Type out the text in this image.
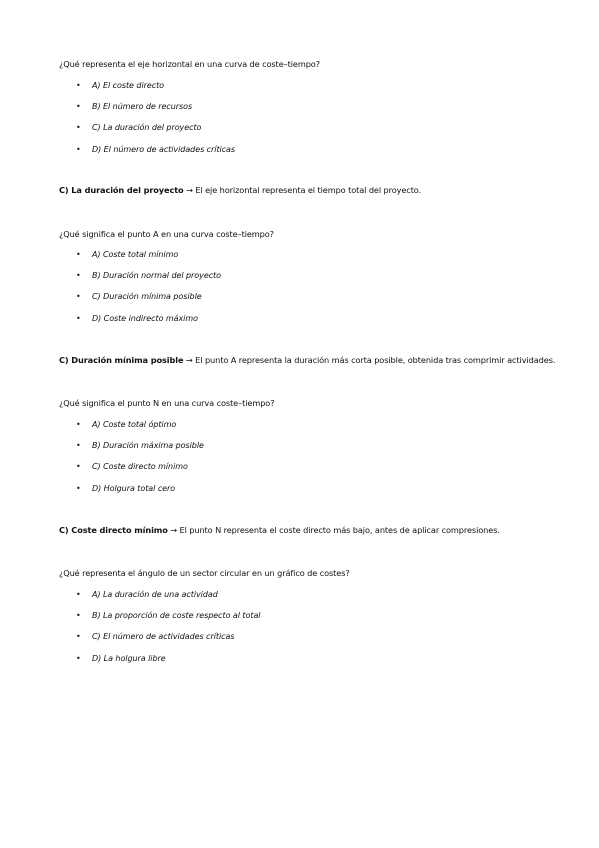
¿Qué representa el eje horizontal en una curva de coste–tiempo?

• A) El coste directo
• B) El número de recursos
• C) La duración del proyecto
• D) El número de actividades críticas

C) La duración del proyecto → El eje horizontal representa el tiempo total del proyecto.

¿Qué significa el punto A en una curva coste–tiempo?

• A) Coste total mínimo
• B) Duración normal del proyecto
• C) Duración mínima posible
• D) Coste indirecto máximo

C) Duración mínima posible → El punto A representa la duración más corta posible, obtenida tras comprimir actividades.

¿Qué significa el punto N en una curva coste–tiempo?

• A) Coste total óptimo
• B) Duración máxima posible
• C) Coste directo mínimo
• D) Holgura total cero

C) Coste directo mínimo → El punto N representa el coste directo más bajo, antes de aplicar compresiones.

¿Qué representa el ángulo de un sector circular en un gráfico de costes?

• A) La duración de una actividad
• B) La proporción de coste respecto al total
• C) El número de actividades críticas
• D) La holgura libre
